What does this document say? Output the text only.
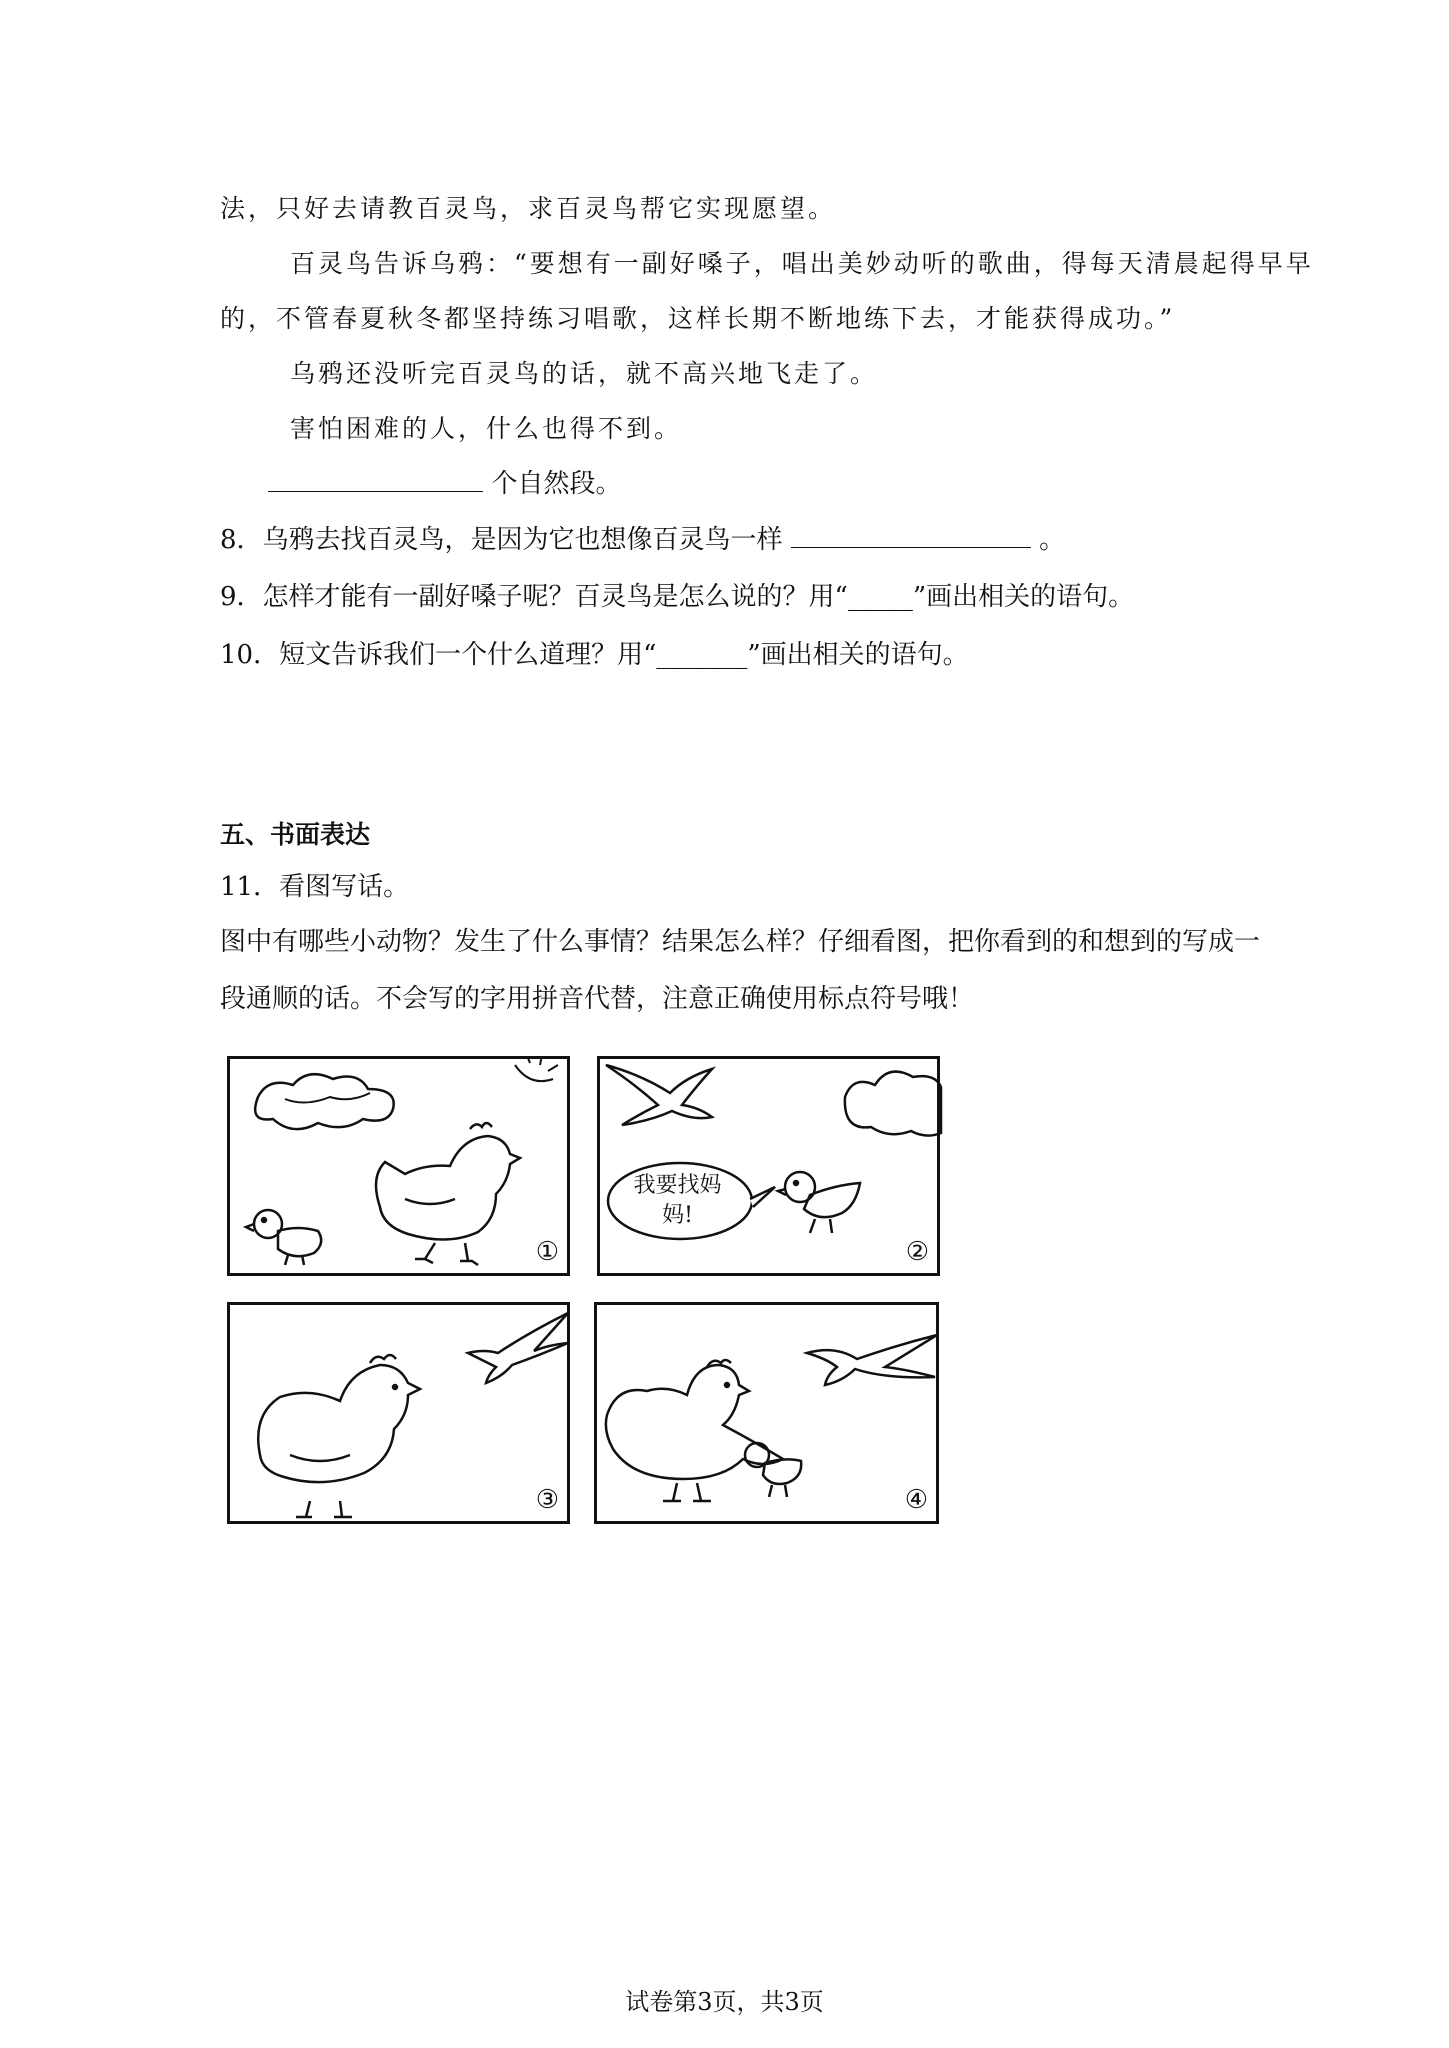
法，只好去请教百灵鸟，求百灵鸟帮它实现愿望。
百灵鸟告诉乌鸦：“要想有一副好嗓子，唱出美妙动听的歌曲，得每天清晨起得早早
的，不管春夏秋冬都坚持练习唱歌，这样长期不断地练下去，才能获得成功。”
乌鸦还没听完百灵鸟的话，就不高兴地飞走了。
害怕困难的人，什么也得不到。
个自然段。
8．乌鸦去找百灵鸟，是因为它也想像百灵鸟一样	。
9．怎样才能有一副好嗓子呢？百灵鸟是怎么说的？用“_____”画出相关的语句。
10．短文告诉我们一个什么道理？用“_______”画出相关的语句。
五、书面表达
11．看图写话。
图中有哪些小动物？发生了什么事情？结果怎么样？仔细看图，把你看到的和想到的写成一
段通顺的话。不会写的字用拼音代替，注意正确使用标点符号哦！
①
我要找妈妈!
②
③	④
试卷第3页，共3页
